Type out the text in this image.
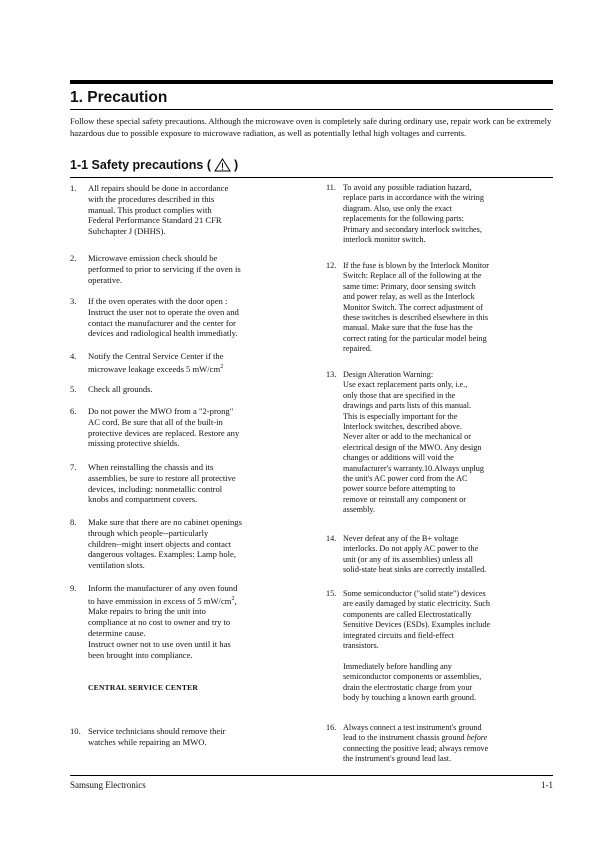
1. Precaution

Follow these special safety precautions. Although the microwave oven is completely safe during ordinary use, repair work can be extremely hazardous due to possible exposure to microwave radiation, as well as potentially lethal high voltages and currents.

1-1 Safety precautions ( )
1.	All repairs should be done in accordance
with the procedures described in this
manual. This product complies with
Federal Performance Standard 21 CFR
Subchapter J (DHHS).
2.	Microwave emission check should be
performed to prior to servicing if the oven is
operative.
3.	If the oven operates with the door open :
Instruct the user not to operate the oven and
contact the manufacturer and the center for
devices and radiological health immediatly.
4.	Notify the Central Service Center if the
microwave leakage exceeds 5 $mW/cm^2$
5.	Check all grounds.
6.	Do not power the MWO from a "2-prong"
AC cord. Be sure that all of the built-in
protective devices are replaced. Restore any
missing protective shields.
7.	When reinstalling the chassis and its
assemblies, be sure to restore all protective
devices, including: nonmetallic control
knobs and compartment covers.
8.	Make sure that there are no cabinet openings
through which people--particularly
children--might insert objects and contact
dangerous voltages. Examples: Lamp hole,
ventilation slots.
9.	Inform the manufacturer of any oven found
to have emmission in excess of 5 $mW/cm^2$,
Make repairs to bring the unit into
compliance at no cost to owner and try to
determine cause.
Instruct owner not to use oven until it has
been brought into compliance.
CENTRAL SERVICE CENTER
10. Service technicians should remove their
watches while repairing an MWO.
11. To avoid any possible radiation hazard,
replace parts in accordance with the wiring
diagram. Also, use only the exact
replacements for the following parts:
Primary and secondary interlock switches,
interlock monitor switch.
12. If the fuse is blown by the Interlock Monitor
Switch: Replace all of the following at the
same time: Primary, door sensing switch
and power relay, as well as the Interlock
Monitor Switch. The correct adjustment of
these switches is described elsewhere in this
manual. Make sure that the fuse has the
correct rating for the particular model being
repaired.
13. Design Alteration Warning:
Use exact replacement parts only, i.e.,
only those that are specified in the
drawings and parts lists of this manual.
This is especially important for the
Interlock switches, described above.
Never alter or add to the mechanical or
electrical design of the MWO. Any design
changes or additions will void the
manufacturer's warranty.10.Always unplug
the unit's AC power cord from the AC
power source before attempting to
remove or reinstall any component or
assembly.
14. Never defeat any of the B+ voltage
interlocks. Do not apply AC power to the
unit (or any of its assemblies) unless all
solid-state heat sinks are correctly installed.
15. Some semiconductor ("solid state") devices
are easily damaged by static electricity. Such
components are called Electrostatically
Sensitive Devices (ESDs). Examples include
integrated circuits and field-effect
transistors.

Immediately before handling any
semiconductor components or assemblies,
drain the electrostatic charge from your
body by touching a known earth ground.
16. Always connect a test instrument's ground
lead to the instrument chassis ground before
connecting the positive lead; always remove
the instrument's ground lead last.
Samsung Electronics	1-1
